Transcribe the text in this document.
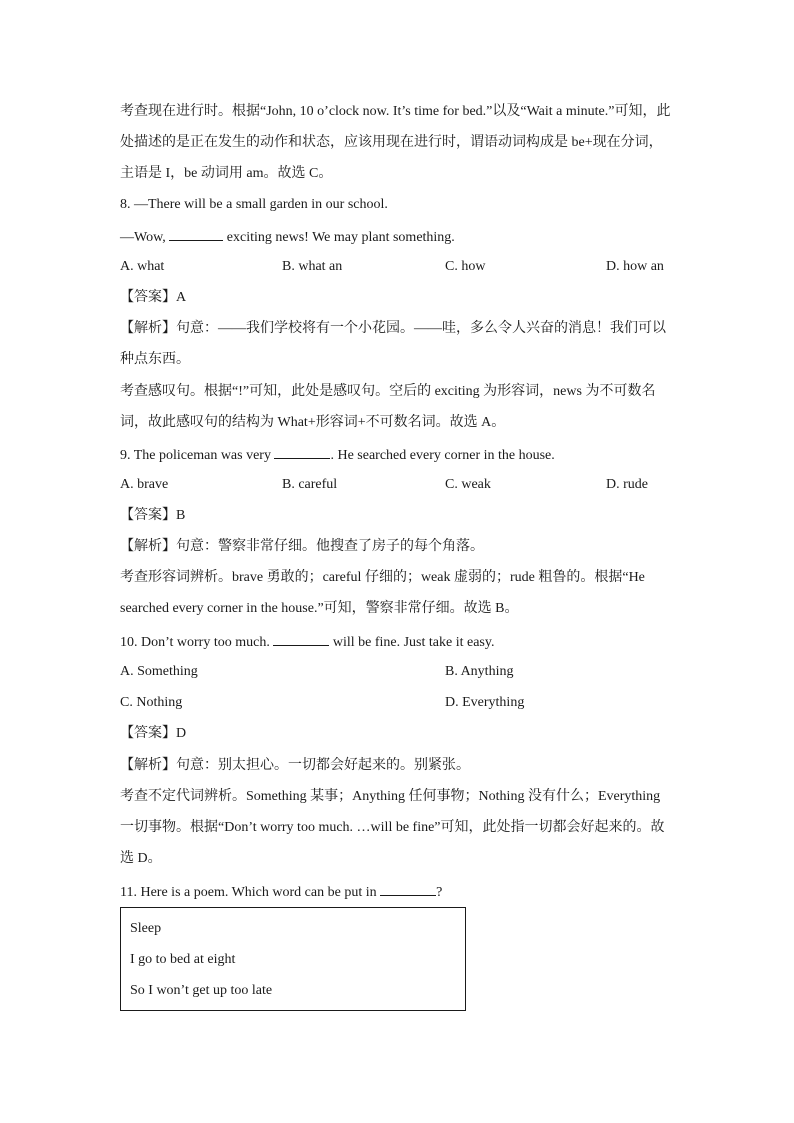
考查现在进行时。根据“John, 10 o’clock now. It’s time for bed.”以及“Wait a minute.”可知，此
处描述的是正在发生的动作和状态，应该用现在进行时，谓语动词构成是 be+现在分词，
主语是 I，be 动词用 am。故选 C。
8. —There will be a small garden in our school.
—Wow,	exciting news! We may plant something.
A. what	B. what an	C. how	D. how an
【答案】A
【解析】句意：——我们学校将有一个小花园。——哇，多么令人兴奋的消息！我们可以
种点东西。
考查感叹句。根据“!”可知，此处是感叹句。空后的 exciting 为形容词，news 为不可数名
词，故此感叹句的结构为 What+形容词+不可数名词。故选 A。
9. The policeman was very	. He searched every corner in the house.
A. brave	B. careful	C. weak	D. rude
【答案】B
【解析】句意：警察非常仔细。他搜查了房子的每个角落。
考查形容词辨析。brave 勇敢的；careful 仔细的；weak 虚弱的；rude 粗鲁的。根据“He
searched every corner in the house.”可知，警察非常仔细。故选 B。
10. Don’t worry too much.	will be fine. Just take it easy.
A. Something	B. Anything
C. Nothing	D. Everything
【答案】D
【解析】句意：别太担心。一切都会好起来的。别紧张。
考查不定代词辨析。Something 某事；Anything 任何事物；Nothing 没有什么；Everything
一切事物。根据“Don’t worry too much. …will be fine”可知，此处指一切都会好起来的。故
选 D。
11. Here is a poem. Which word can be put in	?
Sleep
I go to bed at eight
So I won’t get up too late
